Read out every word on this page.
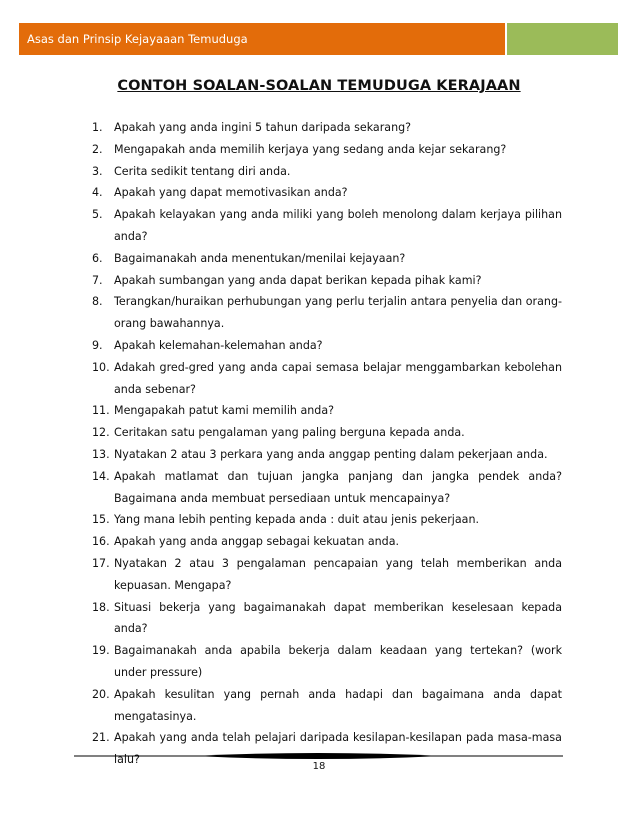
Asas dan Prinsip Kejayaaan Temuduga
CONTOH SOALAN-SOALAN TEMUDUGA KERAJAAN
1.	Apakah yang anda ingini 5 tahun daripada sekarang?
2.	Mengapakah anda memilih kerjaya yang sedang anda kejar sekarang?
3.	Cerita sedikit tentang diri anda.
4.	Apakah yang dapat memotivasikan anda?
5.	Apakah kelayakan yang anda miliki yang boleh menolong dalam kerjaya pilihan anda?
6.	Bagaimanakah anda menentukan/menilai kejayaan?
7.	Apakah sumbangan yang anda dapat berikan kepada pihak kami?
8.	Terangkan/huraikan perhubungan yang perlu terjalin antara penyelia dan orang-orang bawahannya.
9.	Apakah kelemahan-kelemahan anda?
10. Adakah gred-gred yang anda capai semasa belajar menggambarkan kebolehan anda sebenar?
11. Mengapakah patut kami memilih anda?
12. Ceritakan satu pengalaman yang paling berguna kepada anda.
13. Nyatakan 2 atau 3 perkara yang anda anggap penting dalam pekerjaan anda.
14. Apakah matlamat dan tujuan jangka panjang dan jangka pendek anda? Bagaimana anda membuat persediaan untuk mencapainya?
15. Yang mana lebih penting kepada anda : duit atau jenis pekerjaan.
16. Apakah yang anda anggap sebagai kekuatan anda.
17. Nyatakan 2 atau 3 pengalaman pencapaian yang telah memberikan anda kepuasan. Mengapa?
18. Situasi bekerja yang bagaimanakah dapat memberikan keselesaan kepada anda?
19. Bagaimanakah anda apabila bekerja dalam keadaan yang tertekan? (work under pressure)
20. Apakah kesulitan yang pernah anda hadapi dan bagaimana anda dapat mengatasinya.
21. Apakah yang anda telah pelajari daripada kesilapan-kesilapan pada masa-masa lalu?
18
